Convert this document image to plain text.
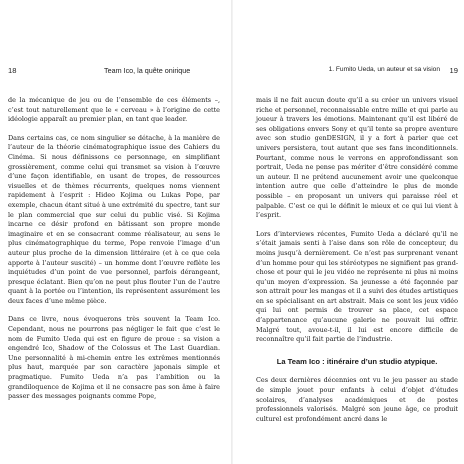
18	Team Ico, la quête onirique	1. Fumito Ueda, un auteur et sa vision 19

de la mécanique de jeu ou de l’ensemble de ces éléments –, c’est tout naturellement que le « cerveau » à l’origine de cette idéologie apparaît au premier plan, en tant que leader.

Dans certains cas, ce nom singulier se détache, à la manière de l’auteur de la théorie cinématographique issue des Cahiers du Cinéma. Si nous définissons ce personnage, en simplifiant grossièrement, comme celui qui transmet sa vision à l’œuvre d’une façon identifiable, en usant de tropes, de ressources visuelles et de thèmes récurrents, quelques noms viennent rapidement à l’esprit : Hideo Kojima ou Lukas Pope, par exemple, chacun étant situé à une extrémité du spectre, tant sur le plan commercial que sur celui du public visé. Si Kojima incarne ce désir profond en bâtissant son propre monde imaginaire et en se consacrant comme réalisateur, au sens le plus cinématographique du terme, Pope renvoie l’image d’un auteur plus proche de la dimension littéraire (et à ce que cela apporte à l’auteur suscité) – un homme dont l’œuvre reflète les inquiétudes d’un point de vue personnel, parfois dérangeant, presque éclatant. Bien qu’on ne peut plus flouter l’un de l’autre quant à la portée ou l’intention, ils représentent assurément les deux faces d’une même pièce.

Dans ce livre, nous évoquerons très souvent la Team Ico. Cependant, nous ne pourrons pas négliger le fait que c’est le nom de Fumito Ueda qui est en figure de proue : sa vision a engendré Ico, Shadow of the Colossus et The Last Guardian. Une personnalité à mi-chemin entre les extrêmes mentionnés plus haut, marquée par son caractère japonais simple et pragmatique. Fumito Ueda n’a pas l’ambition ou la grandiloquence de Kojima et il ne consacre pas son âme à faire passer des messages poignants comme Pope,

mais il ne fait aucun doute qu’il a su créer un univers visuel riche et personnel, reconnaissable entre mille et qui parle au joueur à travers les émotions. Maintenant qu’il est libéré de ses obligations envers Sony et qu’il tente sa propre aventure avec son studio genDESIGN, il y a fort à parier que cet univers persistera, tout autant que ses fans inconditionnels. Pourtant, comme nous le verrons en approfondissant son portrait, Ueda ne pense pas mériter d’être considéré comme un auteur. Il ne prétend aucunement avoir une quelconque intention autre que celle d’atteindre le plus de monde possible – en proposant un univers qui paraisse réel et palpable. C’est ce qui le définit le mieux et ce qui lui vient à l’esprit.

Lors d’interviews récentes, Fumito Ueda a déclaré qu’il ne s’était jamais senti à l’aise dans son rôle de concepteur, du moins jusqu’à dernièrement. Ce n’est pas surprenant venant d’un homme pour qui les stéréotypes ne signifient pas grand-chose et pour qui le jeu vidéo ne représente ni plus ni moins qu’un moyen d’expression. Sa jeunesse a été façonnée par son attrait pour les mangas et il a suivi des études artistiques en se spécialisant en art abstrait. Mais ce sont les jeux vidéo qui lui ont permis de trouver sa place, cet espace d’appartenance qu’aucune galerie ne pouvait lui offrir. Malgré tout, avoue-t-il, il lui est encore difficile de reconnaître qu’il fait partie de l’industrie.

La Team Ico : itinéraire d’un studio atypique.

Ces deux dernières décennies ont vu le jeu passer au stade de simple jouet pour enfants à celui d’objet d’études scolaires, d’analyses académiques et de postes professionnels valorisés. Malgré son jeune âge, ce produit culturel est profondément ancré dans le
